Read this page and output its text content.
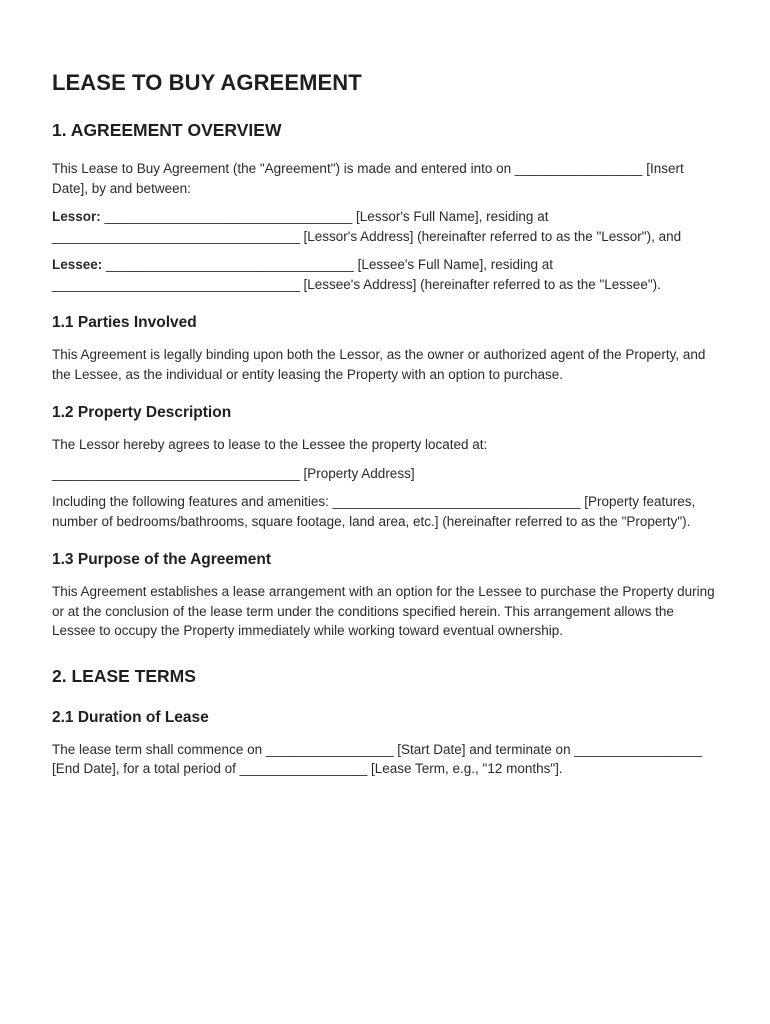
LEASE TO BUY AGREEMENT
1. AGREEMENT OVERVIEW

This Lease to Buy Agreement (the "Agreement") is made and entered into on _________________ [Insert Date], by and between:

Lessor: _________________________________ [Lessor's Full Name], residing at _________________________________ [Lessor's Address] (hereinafter referred to as the "Lessor"), and

Lessee: _________________________________ [Lessee's Full Name], residing at _________________________________ [Lessee's Address] (hereinafter referred to as the "Lessee").

1.1 Parties Involved

This Agreement is legally binding upon both the Lessor, as the owner or authorized agent of the Property, and the Lessee, as the individual or entity leasing the Property with an option to purchase.

1.2 Property Description

The Lessor hereby agrees to lease to the Lessee the property located at:

_________________________________ [Property Address]

Including the following features and amenities: _________________________________ [Property features, number of bedrooms/bathrooms, square footage, land area, etc.] (hereinafter referred to as the "Property").

1.3 Purpose of the Agreement

This Agreement establishes a lease arrangement with an option for the Lessee to purchase the Property during or at the conclusion of the lease term under the conditions specified herein. This arrangement allows the Lessee to occupy the Property immediately while working toward eventual ownership.

2. LEASE TERMS
2.1 Duration of Lease

The lease term shall commence on _________________ [Start Date] and terminate on _________________ [End Date], for a total period of _________________ [Lease Term, e.g., "12 months"].
